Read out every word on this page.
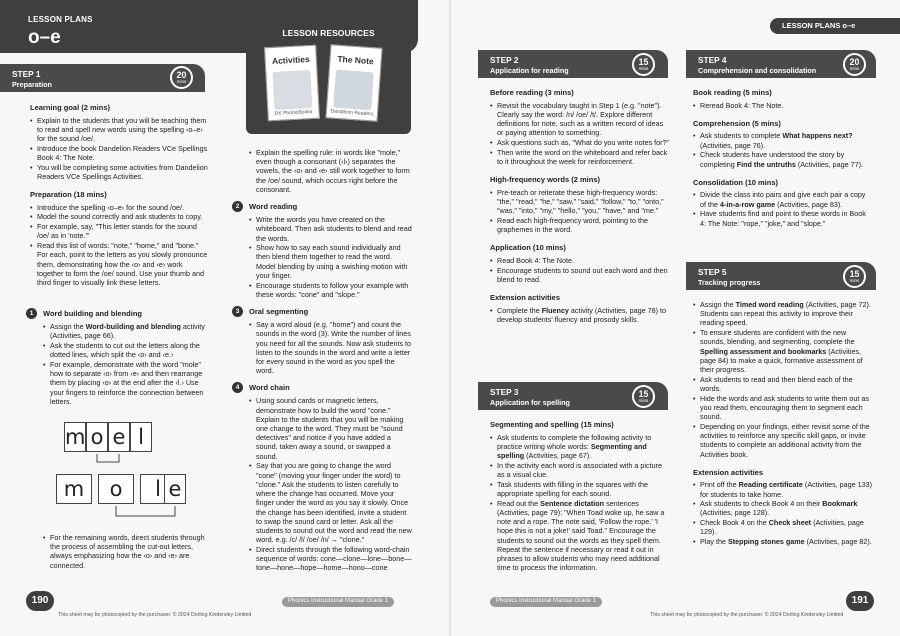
LESSON PLANS
o–e
LESSON PLANS o–e
LESSON RESOURCES
Activities
DK PhonicBooks
The Note
Dandelion Readers
STEP 1
Preparation
20
mins
Learning goal (2 mins)
• Explain to the students that you will be teaching them to read and spell new words using the spelling ‹o–e› for the sound /oe/.
• Introduce the book Dandelion Readers VCe Spellings Book 4: The Note.
• You will be completing some activities from Dandelion Readers VCe Spellings Activities.
Preparation (18 mins)
• Introduce the spelling ‹o–e› for the sound /oe/.
• Model the sound correctly and ask students to copy.
• For example, say, "This letter stands for the sound /oe/ as in 'note.'"
• Read this list of words: "note," "home," and "bone." For each, point to the letters as you slowly pronounce them, demonstrating how the ‹o› and ‹e› work together to form the /oe/ sound. Use your thumb and third finger to visually link these letters.
1	Word building and blending
• Assign the Word-building and blending activity (Activities, page 66).
• Ask the students to cut out the letters along the dotted lines, which split the ‹o› and ‹e.›
• For example, demonstrate with the word "mole" how to separate ‹o› from ‹e› and then rearrange them by placing ‹o› at the end after the ‹l.› Use your fingers to reinforce the connection between letters.
m o e l
m	o	l e
• For the remaining words, direct students through the process of assembling the cut-out letters, always emphasizing how the ‹o› and ‹e› are connected.
• Explain the spelling rule: in words like "mole," even though a consonant (‹l›) separates the vowels, the ‹o› and ‹e› still work together to form the /oe/ sound, which occurs right before the consonant.
2	Word reading
• Write the words you have created on the whiteboard. Then ask students to blend and read the words.
• Show how to say each sound individually and then blend them together to read the word. Model blending by using a swishing motion with your finger.
• Encourage students to follow your example with these words: "cone" and "slope."
3	Oral segmenting
• Say a word aloud (e.g. "home") and count the sounds in the word (3). Write the number of lines you need for all the sounds. Now ask students to listen to the sounds in the word and write a letter for every sound in the word as you spell the word.
4	Word chain
• Using sound cards or magnetic letters, demonstrate how to build the word "cone." Explain to the students that you will be making one change to the word. They must be "sound detectives" and notice if you have added a sound, taken away a sound, or swapped a sound.
• Say that you are going to change the word "cone" (moving your finger under the word) to "clone." Ask the students to listen carefully to where the change has occurred. Move your finger under the word as you say it slowly. Once the change has been identified, invite a student to swap the sound card or letter. Ask all the students to sound out the word and read the new word. e.g. /c/ /l/ /oe/ /n/ → "clone."
• Direct students through the following word-chain sequence of words: cone—clone—lone—bone—tone—hone—hope—home—hono—cone
STEP 2
Application for reading
15
mins
Before reading (3 mins)
• Revisit the vocabulary taught in Step 1 (e.g. "note"). Clearly say the word: /n/ /oe/ /t/. Explore different definitions for note, such as a written record of ideas or paying attention to something.
• Ask questions such as, "What do you write notes for?"
• Then write the word on the whiteboard and refer back to it throughout the week for reinforcement.
High-frequency words (2 mins)
• Pre-teach or reiterate these high-frequency words: "the," "read," "he," "saw," "said," "follow," "to," "onto," "was," "into," "my," "hello," "you," "have," and "me."
• Read each high-frequency word, pointing to the graphemes in the word.
Application (10 mins)
• Read Book 4: The Note.
• Encourage students to sound out each word and then blend to read.
Extension activities
• Complete the Fluency activity (Activities, page 78) to develop students' fluency and prosody skills.
STEP 3
Application for spelling
15
mins
Segmenting and spelling (15 mins)
• Ask students to complete the following activity to practice writing whole words: Segmenting and spelling (Activities, page 67).
• In the activity each word is associated with a picture as a visual clue.
• Task students with filling in the squares with the appropriate spelling for each sound.
• Read out the Sentence dictation sentences (Activities, page 79): "When Toad woke up, he saw a note and a rope. The note said, 'Follow the rope.' 'I hope this is not a joke!' said Toad." Encourage the students to sound out the words as they spell them. Repeat the sentence if necessary or read it out in phrases to allow students who may need additional time to process the information.
STEP 4
Comprehension and consolidation
20
mins
Book reading (5 mins)
• Reread Book 4: The Note.
Comprehension (5 mins)
• Ask students to complete What happens next? (Activities, page 76).
• Check students have understood the story by completing Find the untruths (Activities, page 77).
Consolidation (10 mins)
• Divide the class into pairs and give each pair a copy of the 4-in-a-row game (Activities, page 83).
• Have students find and point to these words in Book 4: The Note: "rope," "joke," and "slope."
STEP 5
Tracking progress
15
mins
• Assign the Timed word reading (Activities, page 72). Students can repeat this activity to improve their reading speed.
• To ensure students are confident with the new sounds, blending, and segmenting, complete the Spelling assessment and bookmarks (Activities, page 84) to make a quick, formative assessment of their progress.
• Ask students to read and then blend each of the words.
• Hide the words and ask students to write them out as you read them, encouraging them to segment each sound.
• Depending on your findings, either revisit some of the activities to reinforce any specific skill gaps, or invite students to complete an additional activity from the Activities book.
Extension activities
• Print off the Reading certificate (Activities, page 133) for students to take home.
• Ask students to check Book 4 on their Bookmark (Activities, page 128).
• Check Book 4 on the Check sheet (Activities, page 129).
• Play the Stepping stones game (Activities, page 82).
190	Phonics Instructional Manual Grade 1
This sheet may be photocopied by the purchaser. © 2024 Dorling Kindersley Limited
191
Phonics Instructional Manual Grade 1
This sheet may be photocopied by the purchaser. © 2024 Dorling Kindersley Limited
